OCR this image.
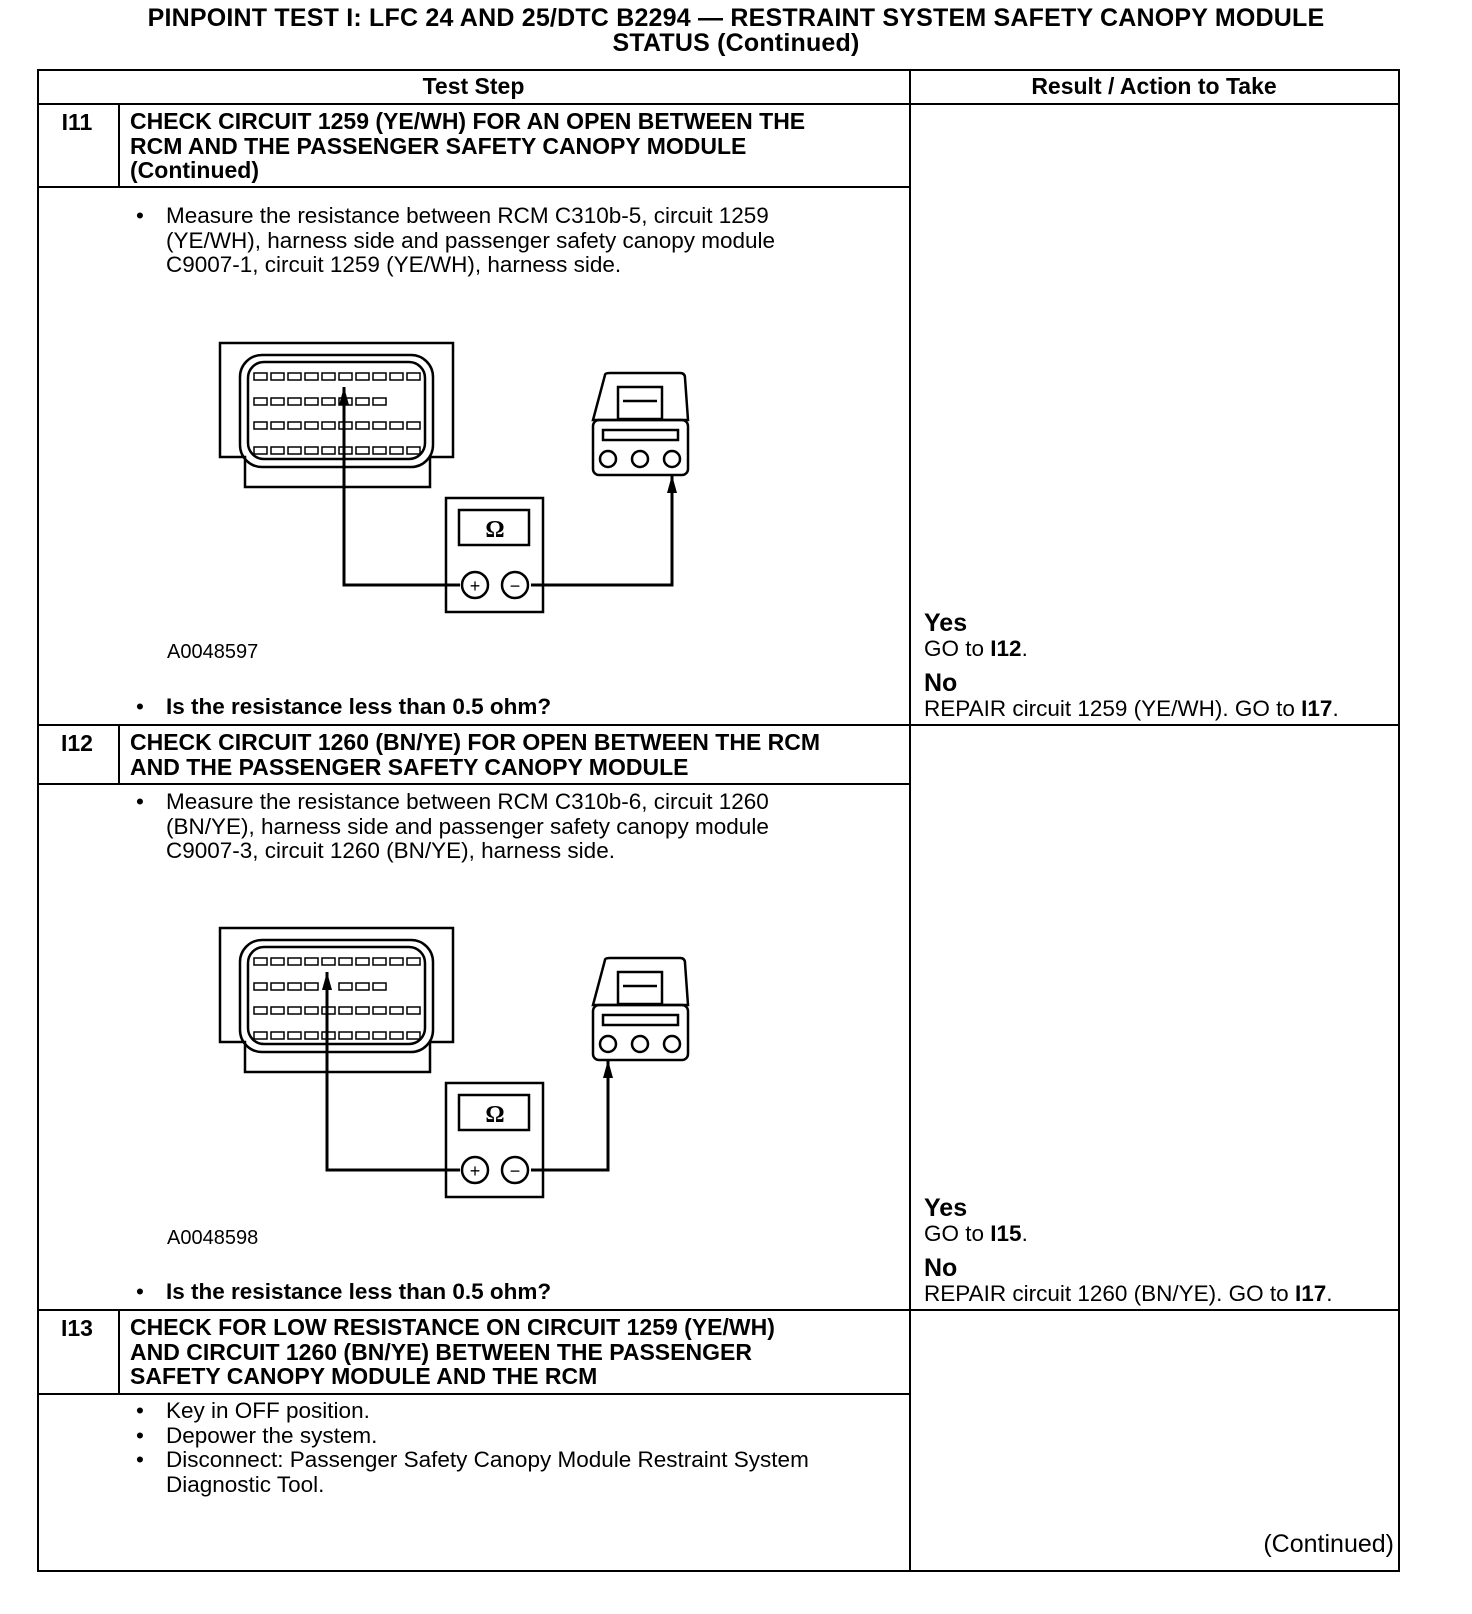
PINPOINT TEST I: LFC 24 AND 25/DTC B2294 — RESTRAINT SYSTEM SAFETY CANOPY MODULE
STATUS (Continued)
Test Step	Result / Action to Take
I11	CHECK CIRCUIT 1259 (YE/WH) FOR AN OPEN BETWEEN THE
RCM AND THE PASSENGER SAFETY CANOPY MODULE
(Continued)
• Measure the resistance between RCM C310b-5, circuit 1259
(YE/WH), harness side and passenger safety canopy module
C9007-1, circuit 1259 (YE/WH), harness side.
Ω
+ −
A0048597
• Is the resistance less than 0.5 ohm?
Yes
GO to I12.
No
REPAIR circuit 1259 (YE/WH). GO to I17.
I12	CHECK CIRCUIT 1260 (BN/YE) FOR OPEN BETWEEN THE RCM
AND THE PASSENGER SAFETY CANOPY MODULE
• Measure the resistance between RCM C310b-6, circuit 1260
(BN/YE), harness side and passenger safety canopy module
C9007-3, circuit 1260 (BN/YE), harness side.
Ω
+ −
A0048598
• Is the resistance less than 0.5 ohm?
Yes
GO to I15.
No
REPAIR circuit 1260 (BN/YE). GO to I17.
I13	CHECK FOR LOW RESISTANCE ON CIRCUIT 1259 (YE/WH)
AND CIRCUIT 1260 (BN/YE) BETWEEN THE PASSENGER
SAFETY CANOPY MODULE AND THE RCM
• Key in OFF position.
• Depower the system.
• Disconnect: Passenger Safety Canopy Module Restraint System
Diagnostic Tool.
(Continued)
